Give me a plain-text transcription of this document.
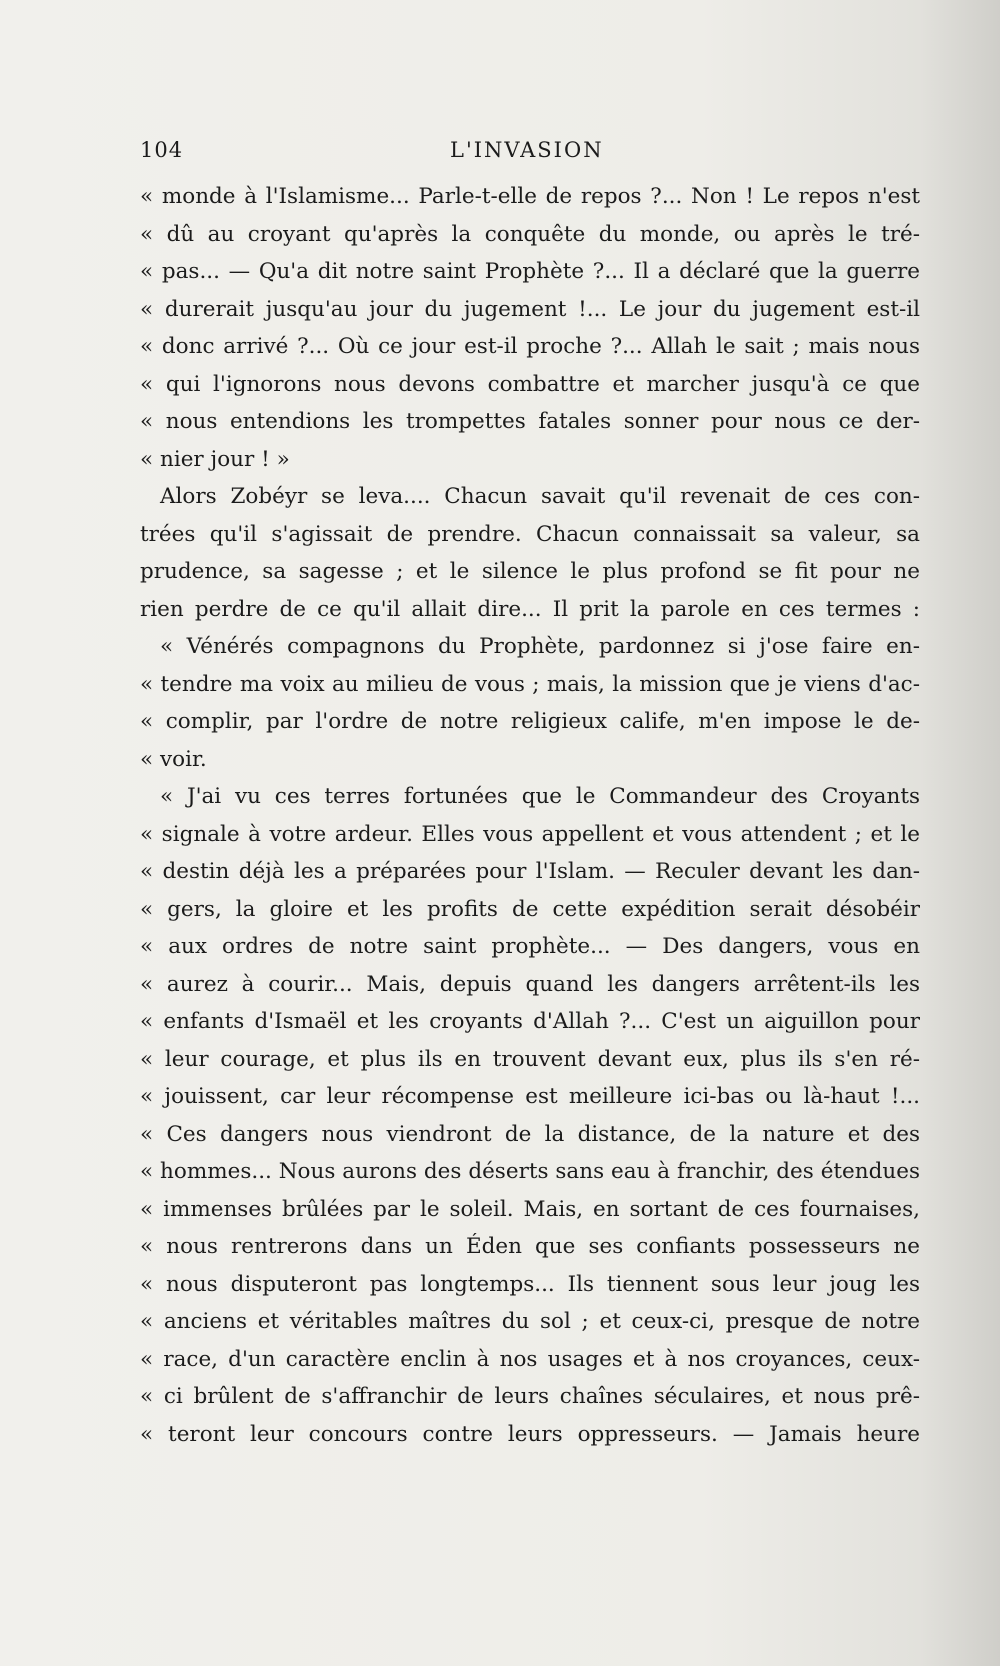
104	L'INVASION
« monde à l'Islamisme... Parle-t-elle de repos ?... Non ! Le repos n'est
« dû au croyant qu'après la conquête du monde, ou après le tré-
« pas... — Qu'a dit notre saint Prophète ?... Il a déclaré que la guerre
« durerait jusqu'au jour du jugement !... Le jour du jugement est-il
« donc arrivé ?... Où ce jour est-il proche ?... Allah le sait ; mais nous
« qui l'ignorons nous devons combattre et marcher jusqu'à ce que
« nous entendions les trompettes fatales sonner pour nous ce der-
« nier jour ! »
Alors Zobéyr se leva.... Chacun savait qu'il revenait de ces con-
trées qu'il s'agissait de prendre. Chacun connaissait sa valeur, sa
prudence, sa sagesse ; et le silence le plus profond se fit pour ne
rien perdre de ce qu'il allait dire... Il prit la parole en ces termes :
« Vénérés compagnons du Prophète, pardonnez si j'ose faire en-
« tendre ma voix au milieu de vous ; mais, la mission que je viens d'ac-
« complir, par l'ordre de notre religieux calife, m'en impose le de-
« voir.
« J'ai vu ces terres fortunées que le Commandeur des Croyants
« signale à votre ardeur. Elles vous appellent et vous attendent ; et le
« destin déjà les a préparées pour l'Islam. — Reculer devant les dan-
« gers, la gloire et les profits de cette expédition serait désobéir
« aux ordres de notre saint prophète... — Des dangers, vous en
« aurez à courir... Mais, depuis quand les dangers arrêtent-ils les
« enfants d'Ismaël et les croyants d'Allah ?... C'est un aiguillon pour
« leur courage, et plus ils en trouvent devant eux, plus ils s'en ré-
« jouissent, car leur récompense est meilleure ici-bas ou là-haut !...
« Ces dangers nous viendront de la distance, de la nature et des
« hommes... Nous aurons des déserts sans eau à franchir, des étendues
« immenses brûlées par le soleil. Mais, en sortant de ces fournaises,
« nous rentrerons dans un Éden que ses confiants possesseurs ne
« nous disputeront pas longtemps... Ils tiennent sous leur joug les
« anciens et véritables maîtres du sol ; et ceux-ci, presque de notre
« race, d'un caractère enclin à nos usages et à nos croyances, ceux-
« ci brûlent de s'affranchir de leurs chaînes séculaires, et nous prê-
« teront leur concours contre leurs oppresseurs. — Jamais heure
